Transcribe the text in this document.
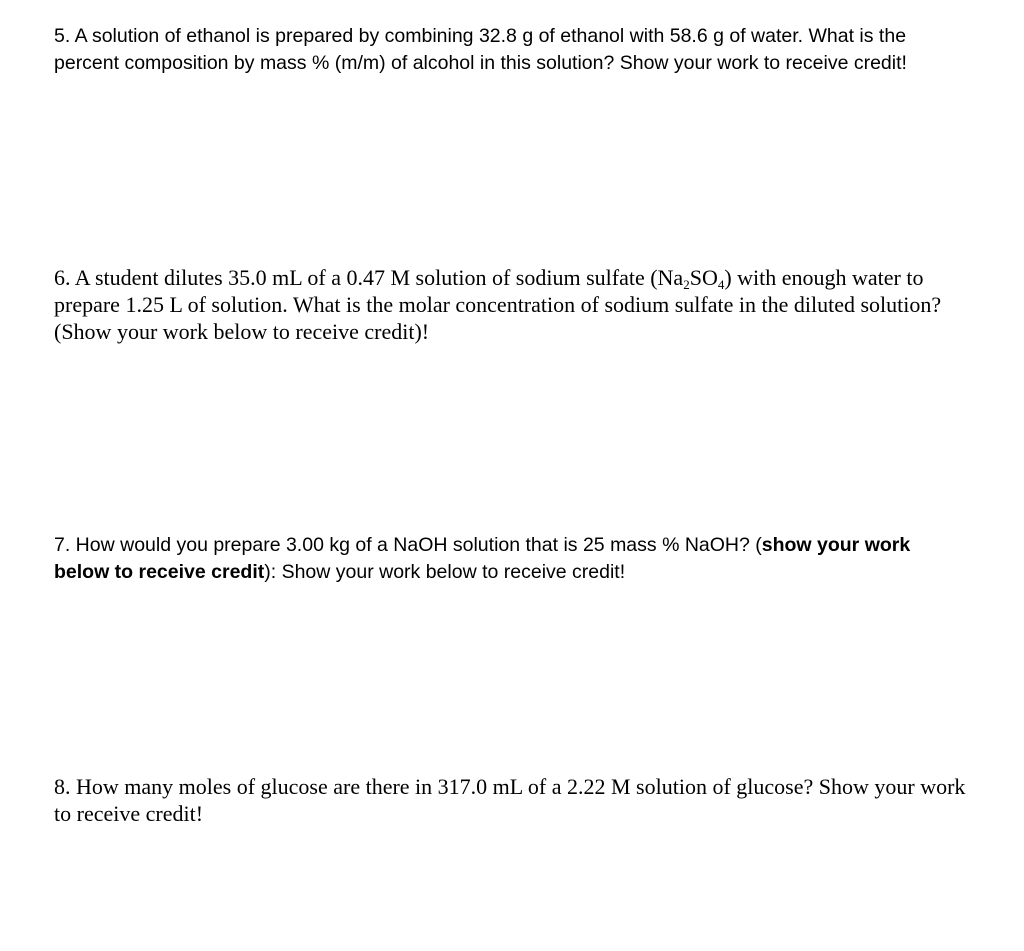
5. A solution of ethanol is prepared by combining 32.8 g of ethanol with 58.6 g of water. What is the percent composition by mass % (m/m) of alcohol in this solution? Show your work to receive credit!

6. A student dilutes 35.0 mL of a 0.47 M solution of sodium sulfate $(Na_2SO_4)$ with enough water to prepare 1.25 L of solution. What is the molar concentration of sodium sulfate in the diluted solution? (Show your work below to receive credit)!

7. How would you prepare 3.00 kg of a NaOH solution that is 25 mass % NaOH? (show your work below to receive credit): Show your work below to receive credit!

8. How many moles of glucose are there in 317.0 mL of a 2.22 M solution of glucose? Show your work to receive credit!
